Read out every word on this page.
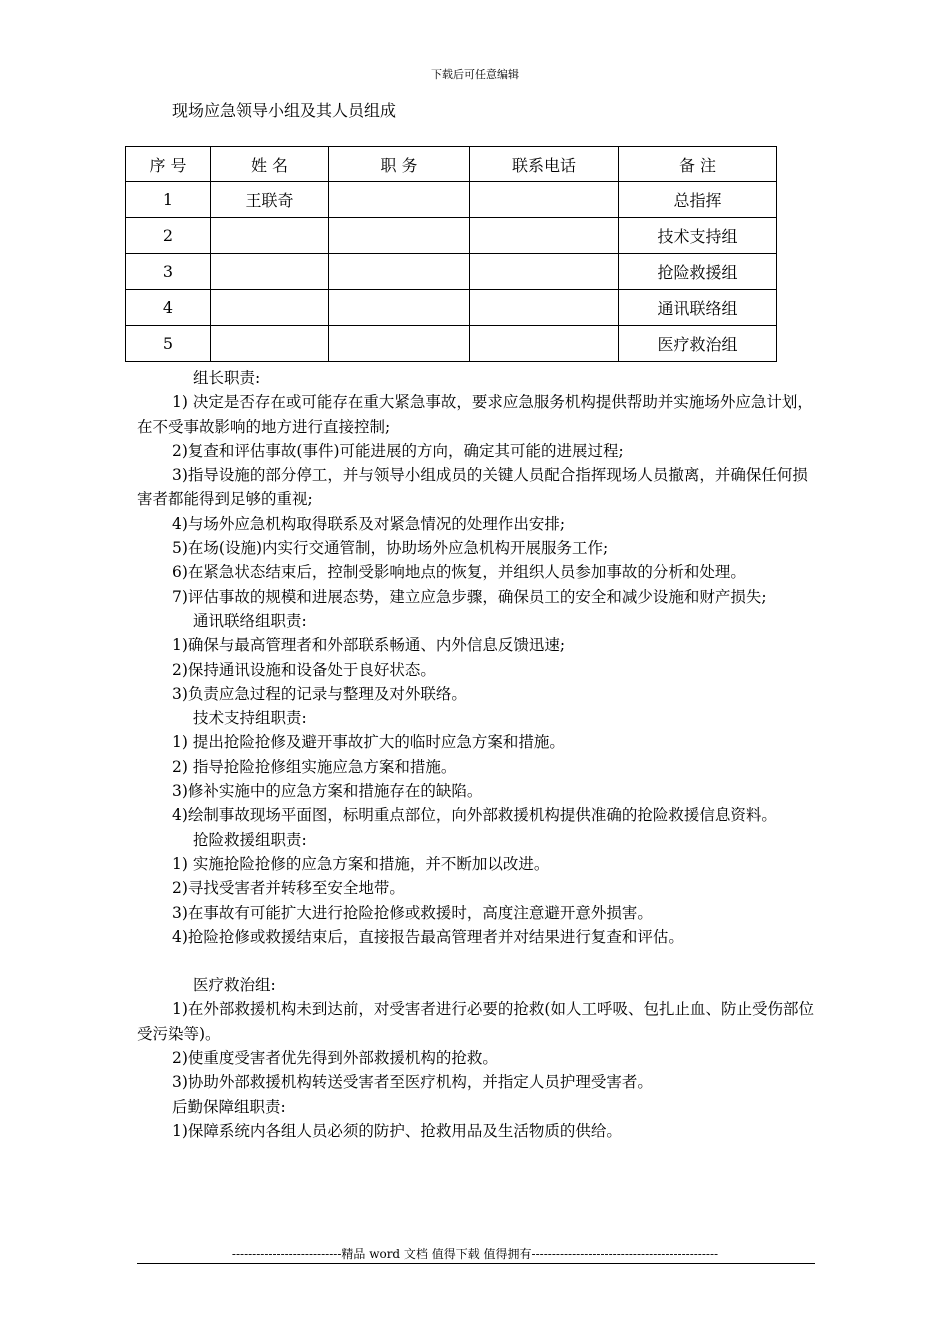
下载后可任意编辑
现场应急领导小组及其人员组成
序 号	姓 名	职 务	联系电话	备 注
1	王联奇			总指挥
2				技术支持组
3				抢险救援组
4				通讯联络组
5				医疗救治组

组长职责:

1) 决定是否存在或可能存在重大紧急事故，要求应急服务机构提供帮助并实施场外应急计划，在不受事故影响的地方进行直接控制;

2)复查和评估事故(事件)可能进展的方向，确定其可能的进展过程;

3)指导设施的部分停工，并与领导小组成员的关键人员配合指挥现场人员撤离，并确保任何损害者都能得到足够的重视;

4)与场外应急机构取得联系及对紧急情况的处理作出安排;

5)在场(设施)内实行交通管制，协助场外应急机构开展服务工作;

6)在紧急状态结束后，控制受影响地点的恢复，并组织人员参加事故的分析和处理。

7)评估事故的规模和进展态势，建立应急步骤，确保员工的安全和减少设施和财产损失;

通讯联络组职责:

1)确保与最高管理者和外部联系畅通、内外信息反馈迅速;

2)保持通讯设施和设备处于良好状态。

3)负责应急过程的记录与整理及对外联络。

技术支持组职责:

1) 提出抢险抢修及避开事故扩大的临时应急方案和措施。

2) 指导抢险抢修组实施应急方案和措施。

3)修补实施中的应急方案和措施存在的缺陷。

4)绘制事故现场平面图，标明重点部位，向外部救援机构提供准确的抢险救援信息资料。

抢险救援组职责:

1) 实施抢险抢修的应急方案和措施，并不断加以改进。

2)寻找受害者并转移至安全地带。

3)在事故有可能扩大进行抢险抢修或救援时，高度注意避开意外损害。

4)抢险抢修或救援结束后，直接报告最高管理者并对结果进行复查和评估。

医疗救治组:

1)在外部救援机构未到达前，对受害者进行必要的抢救(如人工呼吸、包扎止血、防止受伤部位受污染等)。

2)使重度受害者优先得到外部救援机构的抢救。

3)协助外部救援机构转送受害者至医疗机构，并指定人员护理受害者。

后勤保障组职责:

1)保障系统内各组人员必须的防护、抢救用品及生活物质的供给。

---------------------------精品 word 文档 值得下载 值得拥有----------------------------------------------
